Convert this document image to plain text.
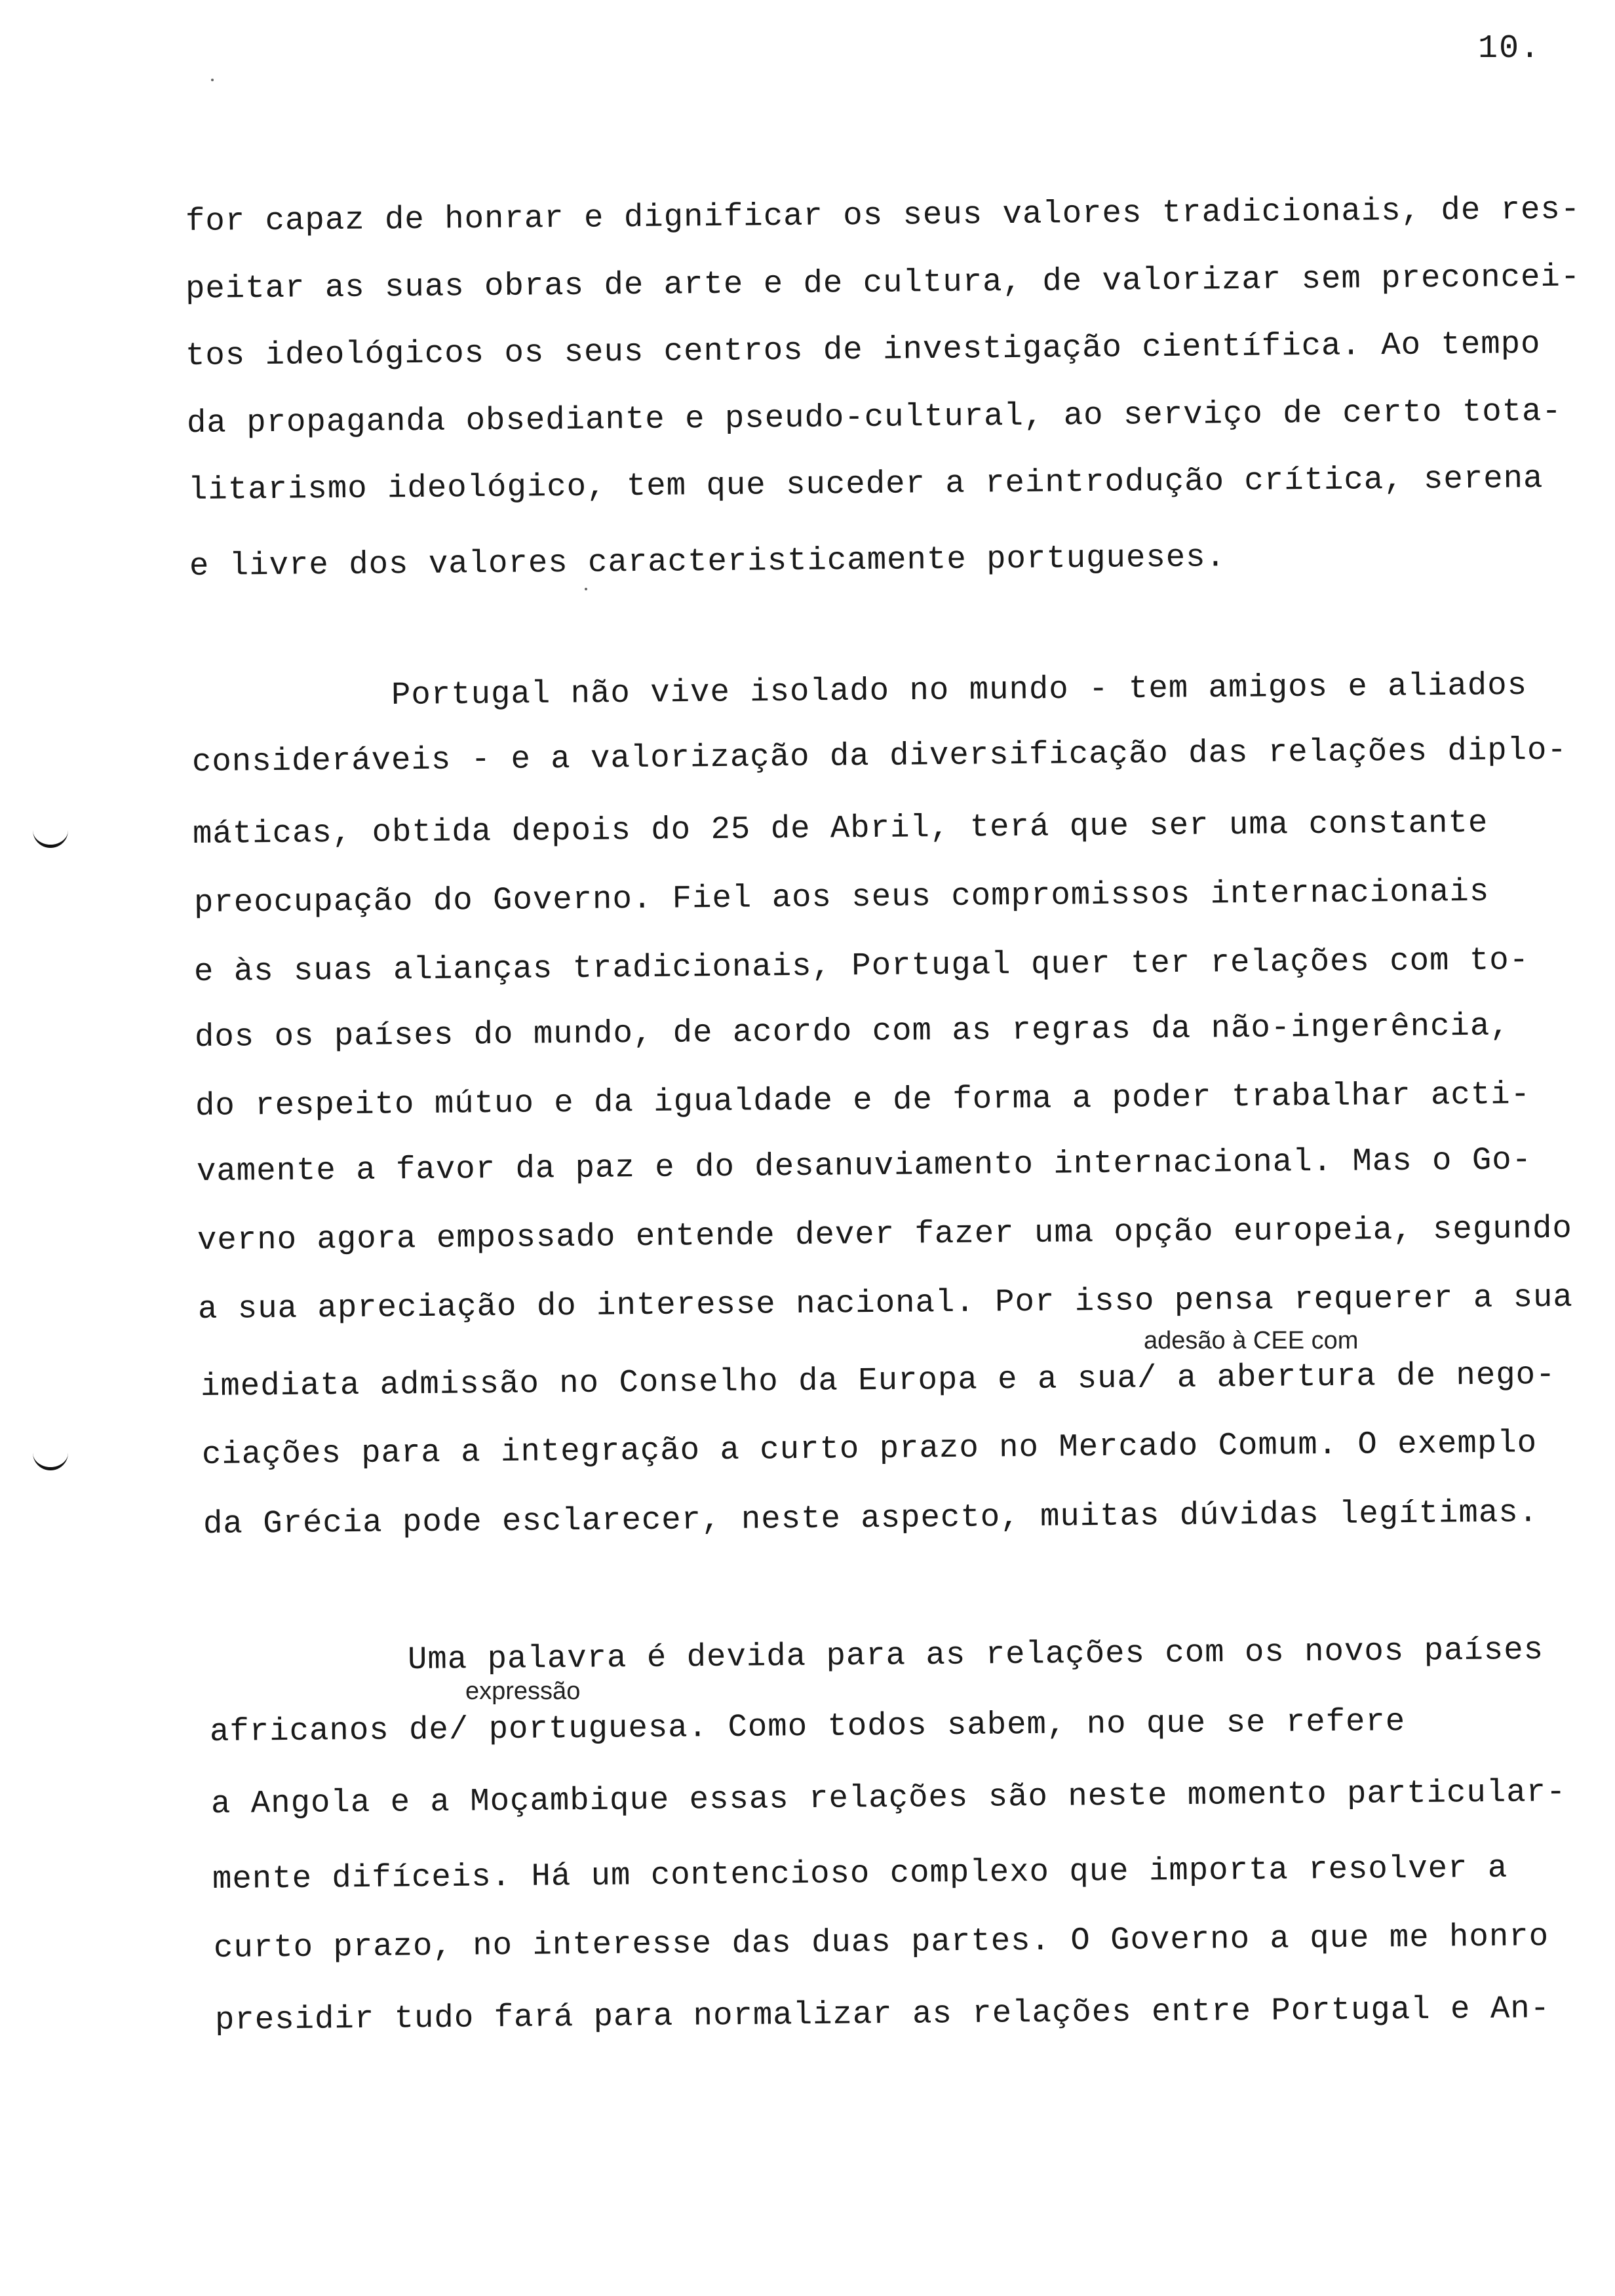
10.
for capaz de honrar e dignificar os seus valores tradicionais, de res-
peitar as suas obras de arte e de cultura, de valorizar sem preconcei-
tos ideológicos os seus centros de investigação científica. Ao tempo
da propaganda obsediante e pseudo-cultural, ao serviço de certo tota-
litarismo ideológico, tem que suceder a reintrodução crítica, serena
e livre dos valores caracteristicamente portugueses.
Portugal não vive isolado no mundo - tem amigos e aliados
consideráveis - e a valorização da diversificação das relações diplo-
máticas, obtida depois do 25 de Abril, terá que ser uma constante
preocupação do Governo. Fiel aos seus compromissos internacionais
e às suas alianças tradicionais, Portugal quer ter relações com to-
dos os países do mundo, de acordo com as regras da não-ingerência,
do respeito mútuo e da igualdade e de forma a poder trabalhar acti-
vamente a favor da paz e do desanuviamento internacional. Mas o Go-
verno agora empossado entende dever fazer uma opção europeia, segundo
a sua apreciação do interesse nacional. Por isso pensa requerer a sua
imediata admissão no Conselho da Europa e a sua/ a abertura de nego-
ciações para a integração a curto prazo no Mercado Comum. O exemplo
da Grécia pode esclarecer, neste aspecto, muitas dúvidas legítimas.
adesão à CEE com
Uma palavra é devida para as relações com os novos países
africanos de/ portuguesa. Como todos sabem, no que se refere
a Angola e a Moçambique essas relações são neste momento particular-
mente difíceis. Há um contencioso complexo que importa resolver a
curto prazo, no interesse das duas partes. O Governo a que me honro
presidir tudo fará para normalizar as relações entre Portugal e An-
expressão
